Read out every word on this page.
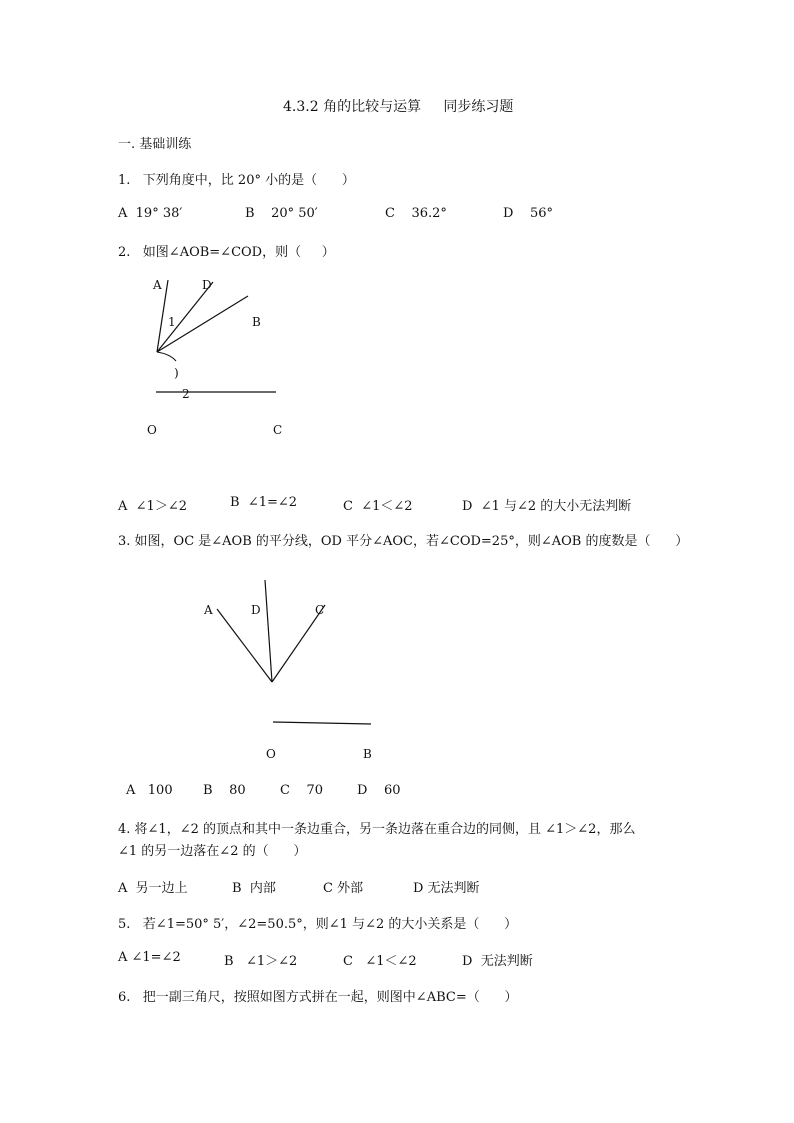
4.3.2 角的比较与运算     同步练习题
一. 基础训练
1.   下列角度中，比 20° 小的是（      ）
A  19° 38′	B    20° 50′	C    36.2°	D    56°
2.   如图∠AOB=∠COD，则（     ）
A	D
1	B
)
2
O	C
A  ∠1＞∠2	B  ∠1=∠2	C  ∠1＜∠2	D  ∠1 与∠2 的大小无法判断
3. 如图，OC 是∠AOB 的平分线，OD 平分∠AOC，若∠COD=25°，则∠AOB 的度数是（      ）
A	D	C
O	B
A   100 B    80	C    70	D    60
4. 将∠1，∠2 的顶点和其中一条边重合，另一条边落在重合边的同侧，且 ∠1＞∠2，那么
∠1 的另一边落在∠2 的（      ）
A  另一边上	B  内部	C 外部	D 无法判断
5.   若∠1=50° 5′，∠2=50.5°，则∠1 与∠2 的大小关系是（      ）
A ∠1=∠2	B   ∠1＞∠2	C   ∠1＜∠2	D  无法判断
6.   把一副三角尺，按照如图方式拼在一起，则图中∠ABC=（      ）
